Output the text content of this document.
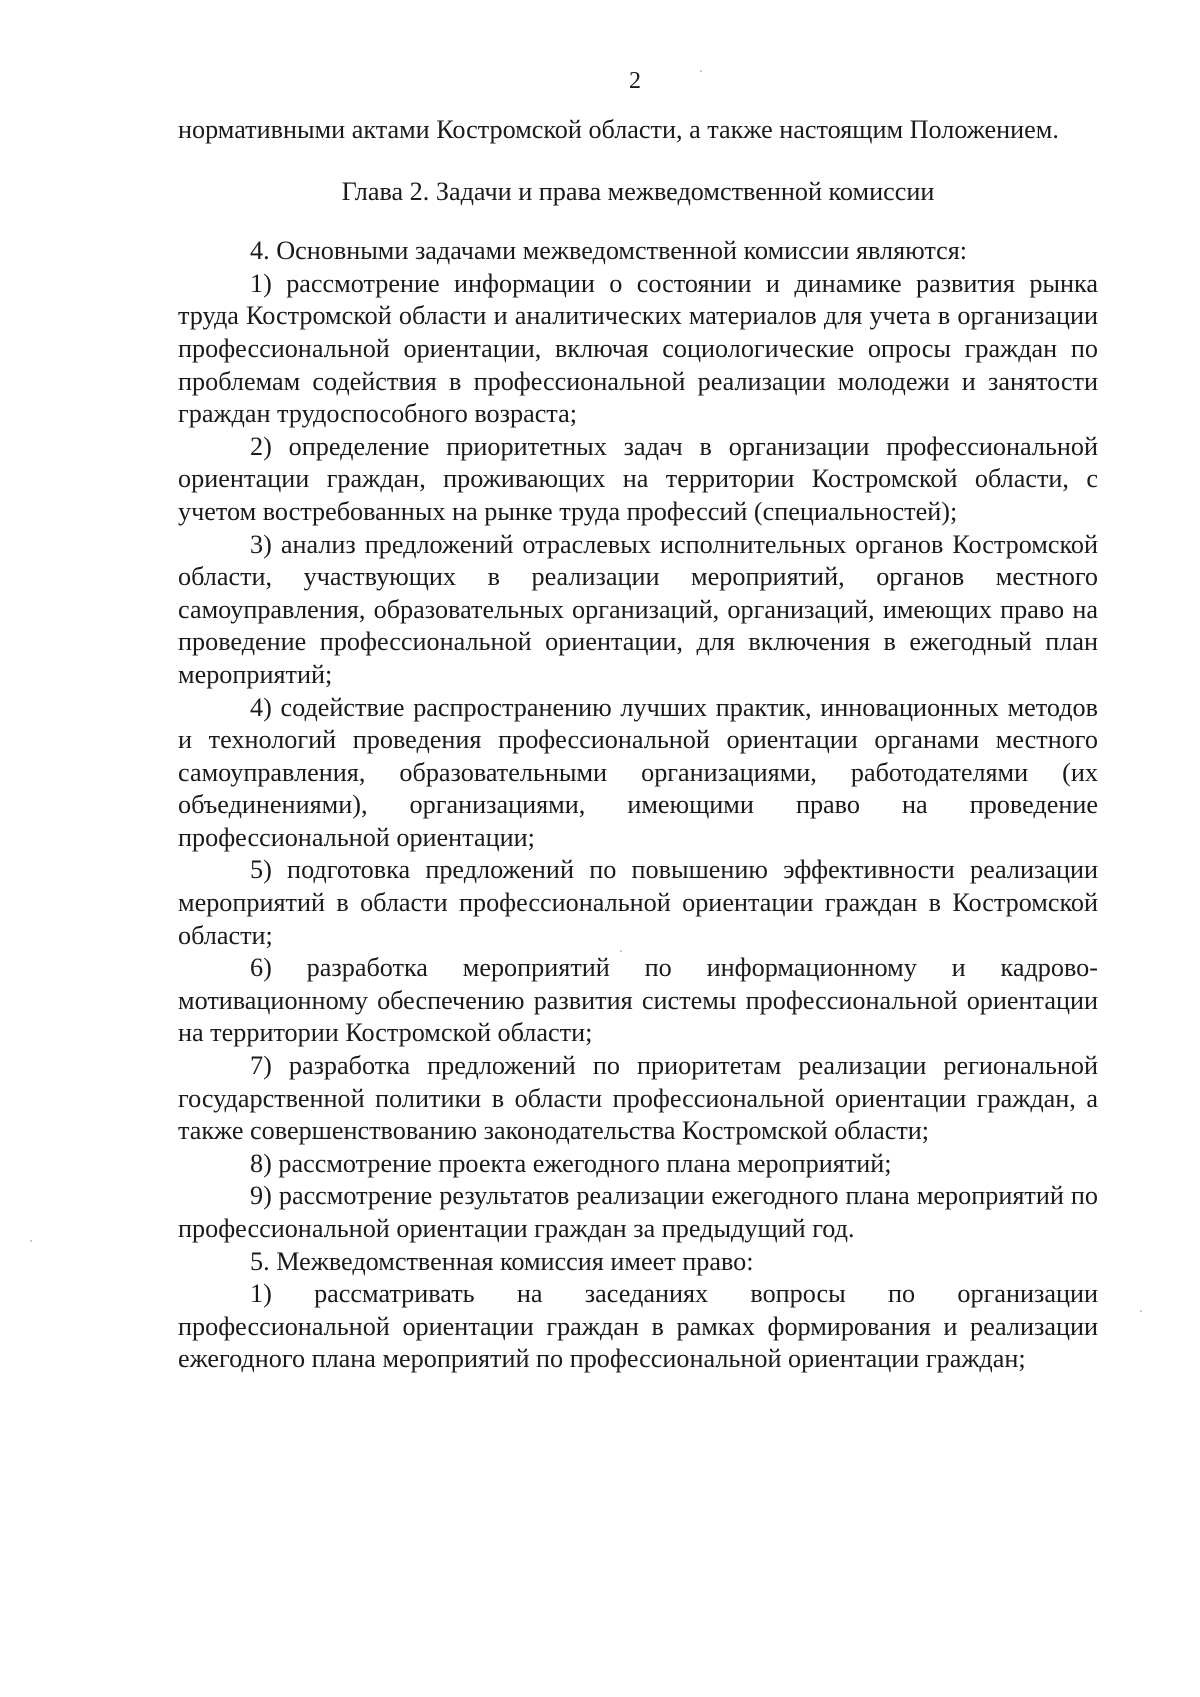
2

нормативными актами Костромской области, а также настоящим Положением.

Глава 2. Задачи и права межведомственной комиссии

4. Основными задачами межведомственной комиссии являются:

1) рассмотрение информации о состоянии и динамике развития рынка труда Костромской области и аналитических материалов для учета в организации профессиональной ориентации, включая социологические опросы граждан по проблемам содействия в профессиональной реализации молодежи и занятости граждан трудоспособного возраста;

2) определение приоритетных задач в организации профессиональной ориентации граждан, проживающих на территории Костромской области, с учетом востребованных на рынке труда профессий (специальностей);

3) анализ предложений отраслевых исполнительных органов Костромской области, участвующих в реализации мероприятий, органов местного самоуправления, образовательных организаций, организаций, имеющих право на проведение профессиональной ориентации, для включения в ежегодный план мероприятий;

4) содействие распространению лучших практик, инновационных методов и технологий проведения профессиональной ориентации органами местного самоуправления, образовательными организациями, работодателями (их объединениями), организациями, имеющими право на проведение профессиональной ориентации;

5) подготовка предложений по повышению эффективности реализации мероприятий в области профессиональной ориентации граждан в Костромской области;

6) разработка мероприятий по информационному и кадрово-мотивационному обеспечению развития системы профессиональной ориентации на территории Костромской области;

7) разработка предложений по приоритетам реализации региональной государственной политики в области профессиональной ориентации граждан, а также совершенствованию законодательства Костромской области;

8) рассмотрение проекта ежегодного плана мероприятий;

9) рассмотрение результатов реализации ежегодного плана мероприятий по профессиональной ориентации граждан за предыдущий год.

5. Межведомственная комиссия имеет право:

1) рассматривать на заседаниях вопросы по организации профессиональной ориентации граждан в рамках формирования и реализации ежегодного плана мероприятий по профессиональной ориентации граждан;
